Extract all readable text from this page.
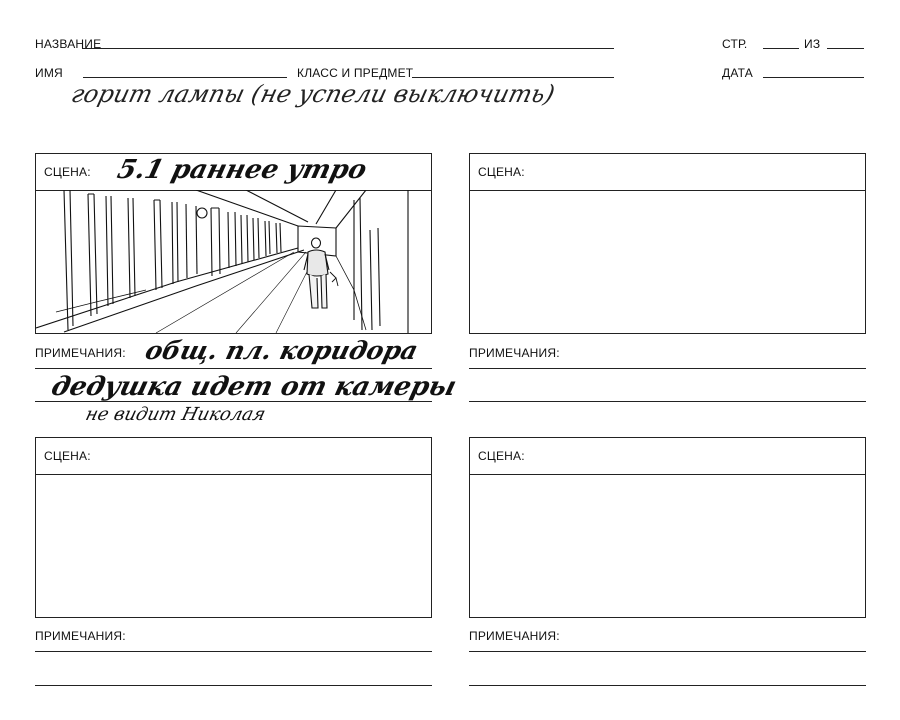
НАЗВАНИЕ	СТР.	ИЗ
ИМЯ	КЛАСС И ПРЕДМЕТ	ДАТА
горит лампы (не успели выключить)
СЦЕНА: 5.1 раннее утро
ПРИМЕЧАНИЯ: общ. пл. коридора
дедушка идет от камеры
не видит Николая
СЦЕНА:
ПРИМЕЧАНИЯ:
СЦЕНА:
ПРИМЕЧАНИЯ:
СЦЕНА:
ПРИМЕЧАНИЯ:
